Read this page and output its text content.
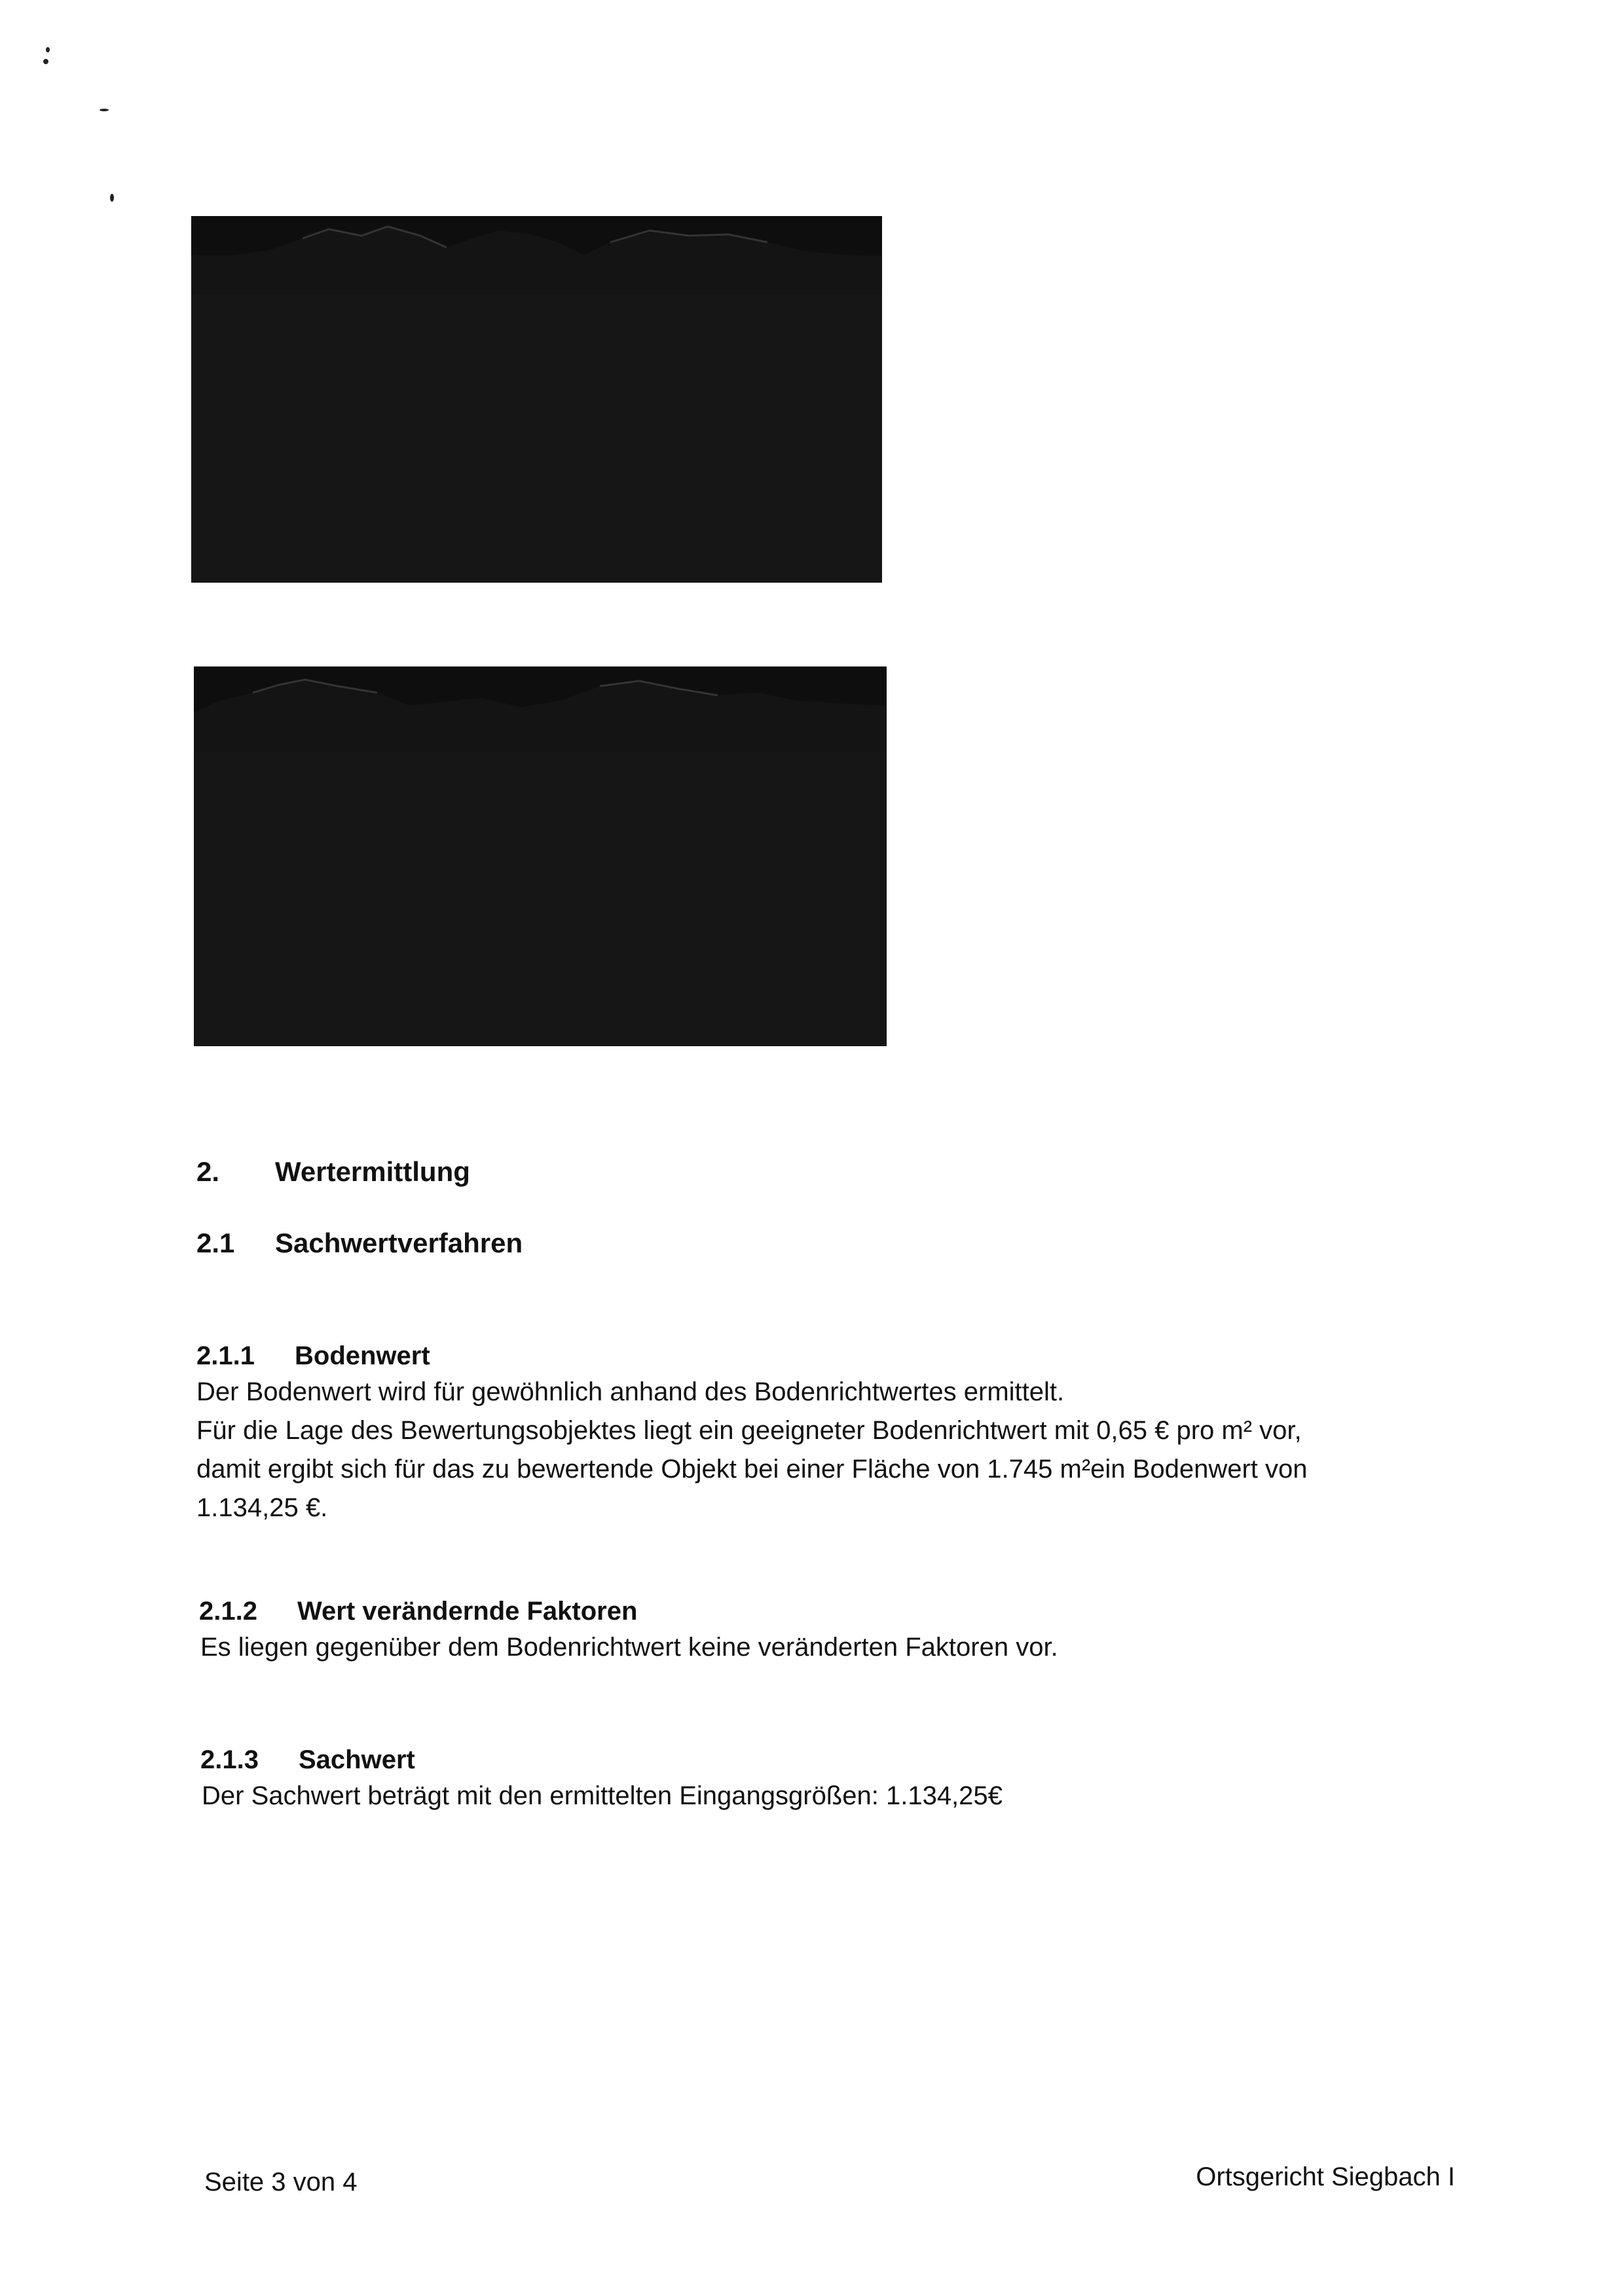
2. Wertermittlung
2.1 Sachwertverfahren
2.1.1 Bodenwert

Der Bodenwert wird für gewöhnlich anhand des Bodenrichtwertes ermittelt.
Für die Lage des Bewertungsobjektes liegt ein geeigneter Bodenrichtwert mit 0,65 € pro m² vor,
damit ergibt sich für das zu bewertende Objekt bei einer Fläche von 1.745 m²ein Bodenwert von
1.134,25 €.

2.1.2 Wert verändernde Faktoren

Es liegen gegenüber dem Bodenrichtwert keine veränderten Faktoren vor.

2.1.3 Sachwert

Der Sachwert beträgt mit den ermittelten Eingangsgrößen: 1.134,25€

Seite 3 von 4	Ortsgericht Siegbach I
